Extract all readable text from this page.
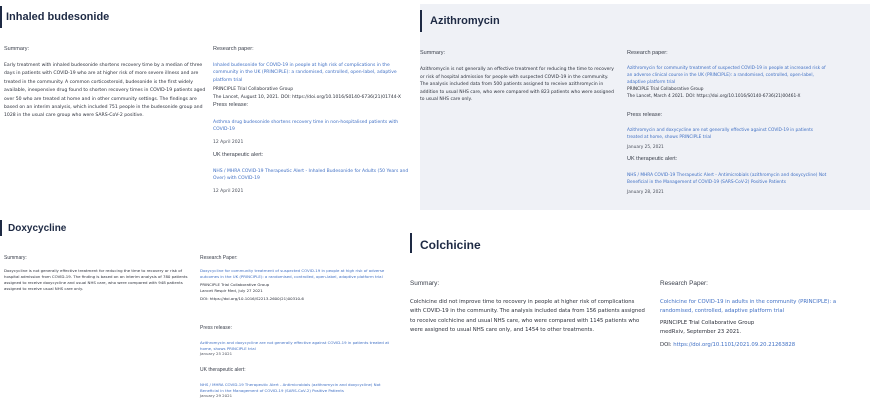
Inhaled budesonide
Summary:

Early treatment with inhaled budesonide shortens recovery time by a median of three days in patients with COVID-19 who are at higher risk of more severe illness and are treated in the community. A common corticosteroid, budesonide is the first widely available, inexpensive drug found to shorten recovery times in COVID-19 patients aged over 50 who are treated at home and in other community settings. The findings are based on an interim analysis, which included 751 people in the budesonide group and 1028 in the usual care group who were SARS-CoV-2 positive.

Research paper:
Inhaled budesonide for COVID-19 in people at high risk of complications in the community in the UK (PRINCIPLE): a randomised, controlled, open-label, adaptive platform trial
PRINCIPLE Trial Collaborative Group
The Lancet, August 10, 2021. DOI: https://doi.org/10.1016/S0140-6736(21)01744-X
Press release:
Asthma drug budesonide shortens recovery time in non-hospitalised patients with COVID-19
12 April 2021
UK therapeutic alert:
NHS / MHRA COVID-19 Therapeutic Alert - Inhaled Budesonide for Adults (50 Years and Over) with COVID-19
12 April 2021
Azithromycin
Summary:

Azithromycin is not generally an effective treatment for reducing the time to recovery or risk of hospital admission for people with suspected COVID-19 in the community. The analysis included data from 500 patients assigned to receive azithromycin in addition to usual NHS care, who were compared with 823 patients who were assigned to usual NHS care only.

Research paper:
Azithromycin for community treatment of suspected COVID-19 in people at increased risk of an adverse clinical course in the UK (PRINCIPLE): a randomised, controlled, open-label, adaptive platform trial
PRINCIPLE Trial Collaborative Group
The Lancet, March 4 2021. DOI: https://doi.org/10.1016/S0140-6736(21)00461-X
Press release:
Azithromycin and doxycycline are not generally effective against COVID-19 in patients treated at home, shows PRINCIPLE trial
January 25, 2021
UK therapeutic alert:
NHS / MHRA COVID-19 Therapeutic Alert - Antimicrobials (azithromycin and doxycycline) Not Beneficial in the Management of COVID-19 (SARS-CoV-2) Positive Patients
January 28, 2021
Doxycycline
Summary:

Doxycycline is not generally effective treatment for reducing the time to recovery or risk of hospital admission from COVID-19. The finding is based on an interim analysis of 780 patients assigned to receive doxycycline and usual NHS care, who were compared with 948 patients assigned to receive usual NHS care only.

Research Paper:
Doxycycline for community treatment of suspected COVID-19 in people at high risk of adverse outcomes in the UK (PRINCIPLE): a randomised, controlled, open-label, adaptive platform trial
PRINCIPLE Trial Collaborative Group
Lancet Respir Med, July 27 2021
DOI: https://doi.org/10.1016/S2213-2600(21)00310-6
Press release:
Azithromycin and doxycycline are not generally effective against COVID-19 in patients treated at home, shows PRINCIPLE trial
January 25 2021
UK therapeutic alert:
NHS / MHRA COVID-19 Therapeutic Alert - Antimicrobials (azithromycin and doxycycline) Not Beneficial in the Management of COVID-19 (SARS-CoV-2) Positive Patients
January 29 2021
Colchicine
Summary:

Colchicine did not improve time to recovery in people at higher risk of complications with COVID-19 in the community. The analysis included data from 156 patients assigned to receive colchicine and usual NHS care, who were compared with 1145 patients who were assigned to usual NHS care only, and 1454 to other treatments.

Research Paper:
Colchicine for COVID-19 in adults in the community (PRINCIPLE): a randomised, controlled, adaptive platform trial
PRINCIPLE Trial Collaborative Group
medRxiv, September 23 2021.
DOI: https://doi.org/10.1101/2021.09.20.21263828
